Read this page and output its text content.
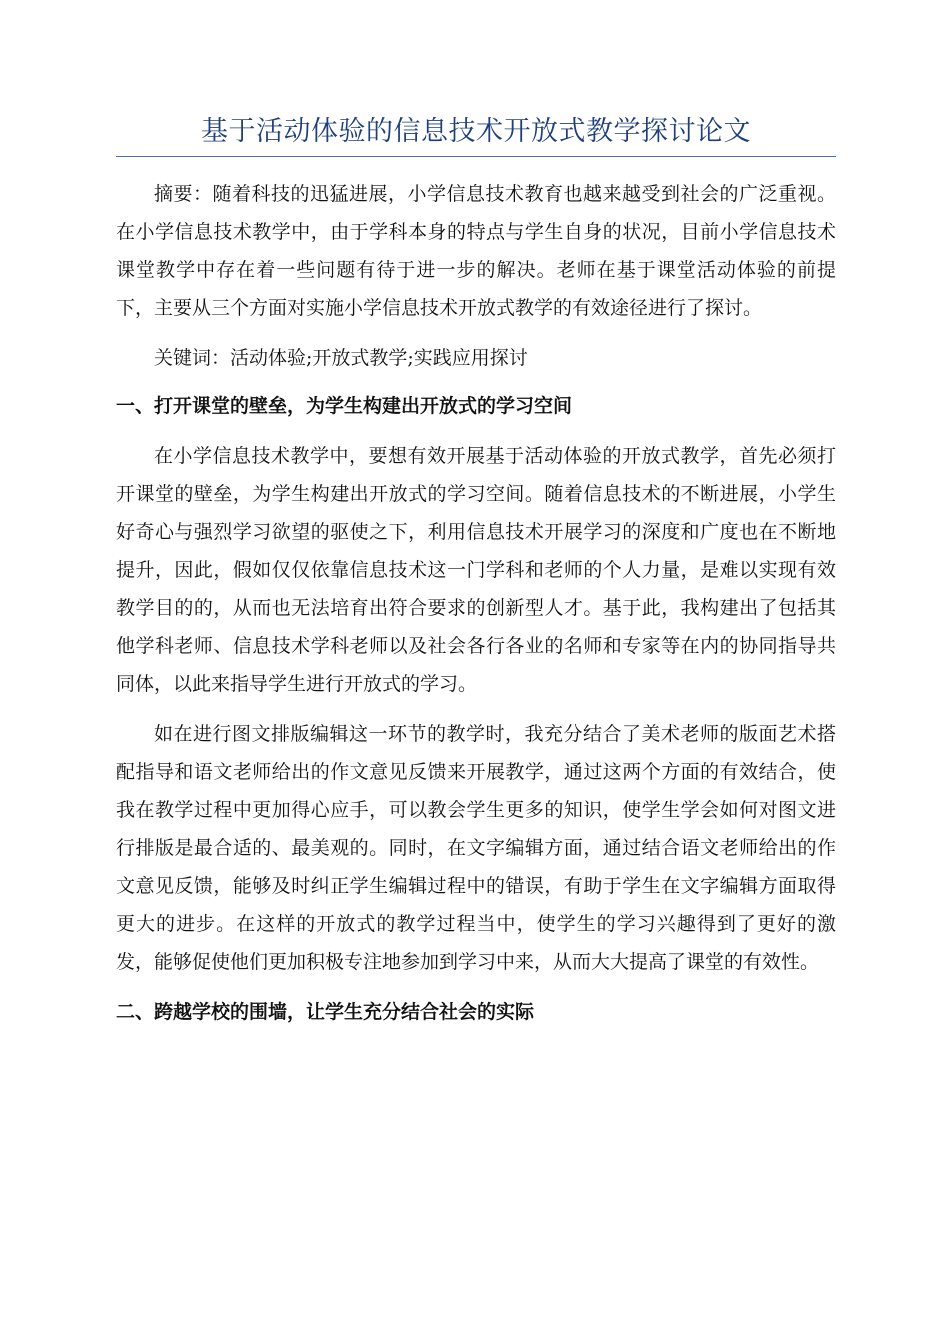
基于活动体验的信息技术开放式教学探讨论文

摘要：随着科技的迅猛进展，小学信息技术教育也越来越受到社会的广泛重视。在小学信息技术教学中，由于学科本身的特点与学生自身的状况，目前小学信息技术课堂教学中存在着一些问题有待于进一步的解决。老师在基于课堂活动体验的前提下，主要从三个方面对实施小学信息技术开放式教学的有效途径进行了探讨。

关键词：活动体验;开放式教学;实践应用探讨

一、打开课堂的壁垒，为学生构建出开放式的学习空间

在小学信息技术教学中，要想有效开展基于活动体验的开放式教学，首先必须打开课堂的壁垒，为学生构建出开放式的学习空间。随着信息技术的不断进展，小学生好奇心与强烈学习欲望的驱使之下，利用信息技术开展学习的深度和广度也在不断地提升，因此，假如仅仅依靠信息技术这一门学科和老师的个人力量，是难以实现有效教学目的的，从而也无法培育出符合要求的创新型人才。基于此，我构建出了包括其他学科老师、信息技术学科老师以及社会各行各业的名师和专家等在内的协同指导共同体，以此来指导学生进行开放式的学习。

如在进行图文排版编辑这一环节的教学时，我充分结合了美术老师的版面艺术搭配指导和语文老师给出的作文意见反馈来开展教学，通过这两个方面的有效结合，使我在教学过程中更加得心应手，可以教会学生更多的知识，使学生学会如何对图文进行排版是最合适的、最美观的。同时，在文字编辑方面，通过结合语文老师给出的作文意见反馈，能够及时纠正学生编辑过程中的错误，有助于学生在文字编辑方面取得更大的进步。在这样的开放式的教学过程当中，使学生的学习兴趣得到了更好的激发，能够促使他们更加积极专注地参加到学习中来，从而大大提高了课堂的有效性。

二、跨越学校的围墙，让学生充分结合社会的实际
